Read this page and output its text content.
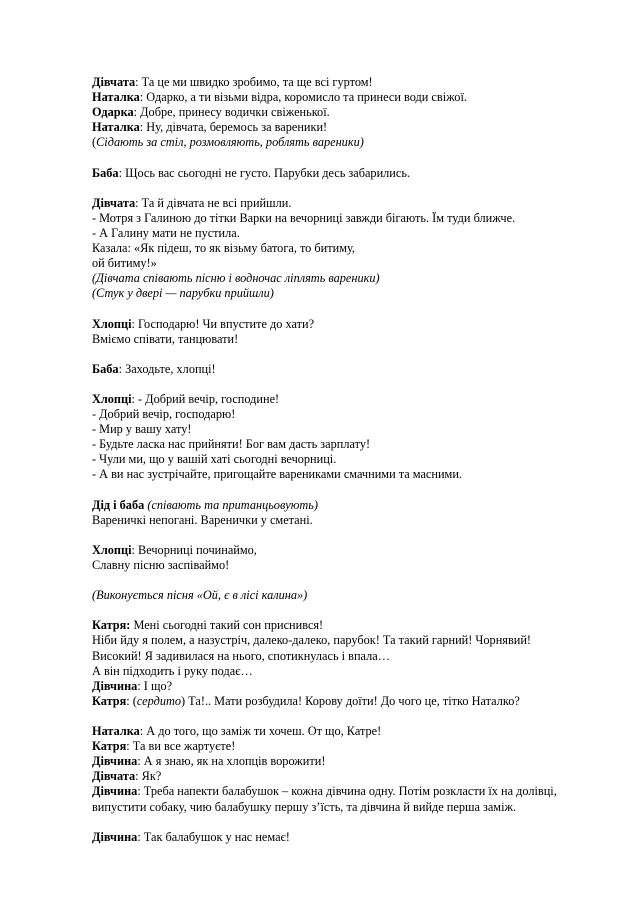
Дівчата: Та це ми швидко зробимо, та ще всі гуртом!
Наталка: Одарко, а ти візьми відра, коромисло та принеси води свіжої.
Одарка: Добре, принесу водички свіженької.
Наталка: Ну, дівчата, беремось за вареники!
(Сідають за стіл, розмовляють, роблять вареники)
Баба: Щось вас сьогодні не густо. Парубки десь забарились.
Дівчата: Та й дівчата не всі прийшли.
- Мотря з Галиною до тітки Варки на вечорниці завжди бігають. Їм туди ближче.
- А Галину мати не пустила.
Казала: «Як підеш, то як візьму батога, то битиму,
ой битиму!»
(Дівчата співають пісню і водночас ліплять вареники)
(Стук у двері — парубки прийшли)
Хлопці: Господарю! Чи впустите до хати?
Вміємо співати, танцювати!
Баба: Заходьте, хлопці!
Хлопці: - Добрий вечір, господине!
- Добрий вечір, господарю!
- Мир у вашу хату!
- Будьте ласка нас прийняти! Бог вам дасть зарплату!
- Чули ми, що у вашій хаті сьогодні вечорниці.
- А ви нас зустрічайте, пригощайте варениками смачними та масними.
Дід і баба (співають та пританцьовують)
Вареничкі непогані. Варенички у сметані.
Хлопці: Вечорниці починаймо,
Славну пісню заспіваймо!
(Виконується пісня «Ой, є в лісі калина»)
Катря: Мені сьогодні такий сон приснився!
Ніби йду я полем, а назустріч, далеко-далеко, парубок! Та такий гарний! Чорнявий!
Високий! Я задивилася на нього, спотикнулась і впала…
А він підходить і руку подає…
Дівчина: І що?
Катря: (сердито) Та!.. Мати розбудила! Корову доїти! До чого це, тітко Наталко?
Наталка: А до того, що заміж ти хочеш. От що, Катре!
Катря: Та ви все жартуєте!
Дівчина: А я знаю, як на хлопців ворожити!
Дівчата: Як?
Дівчина: Треба напекти балабушок – кожна дівчина одну. Потім розкласти їх на долівці,
випустити собаку, чию балабушку першу з’їсть, та дівчина й вийде перша заміж.
Дівчина: Так балабушок у нас немає!
